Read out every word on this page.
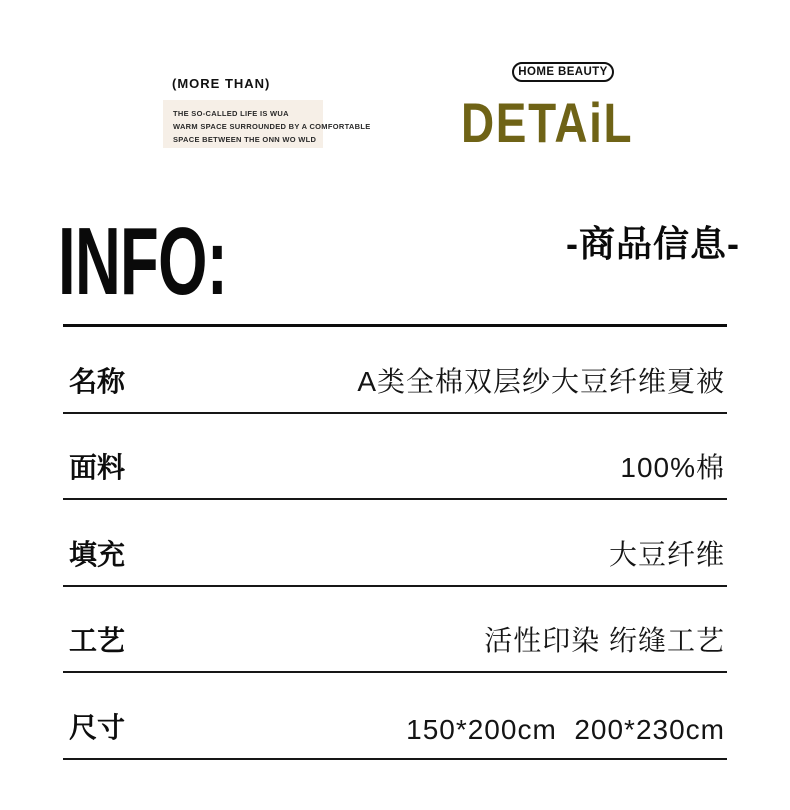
(MORE THAN)
THE SO-CALLED LIFE IS WUA
WARM SPACE SURROUNDED BY A COMFORTABLE
SPACE BETWEEN THE ONN WO WLD
HOME BEAUTY
DETAiL
INFO:	-商品信息-
名称	A类全棉双层纱大豆纤维夏被
面料	100%棉
填充	大豆纤维
工艺	活性印染 绗缝工艺
尺寸	150*200cm  200*230cm
